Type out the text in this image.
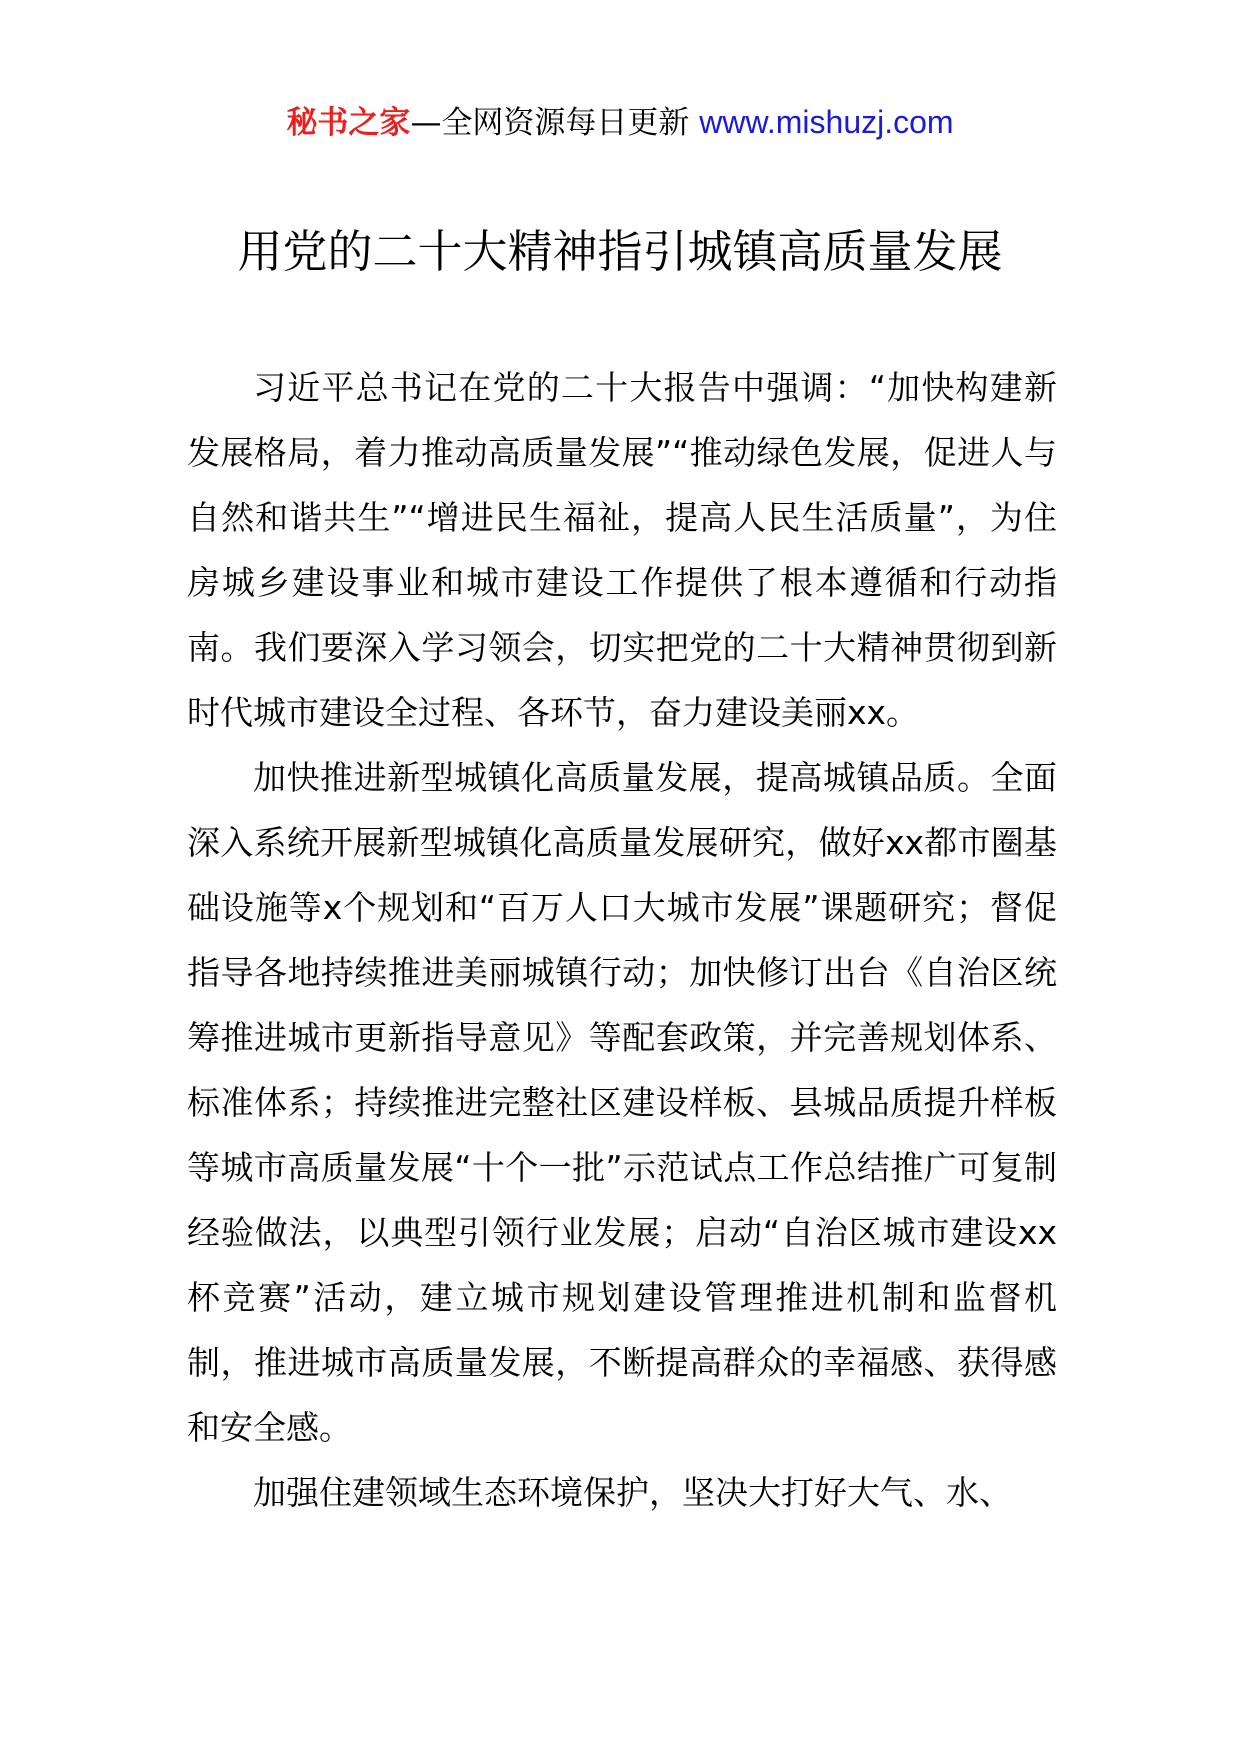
秘书之家—全网资源每日更新 www.mishuzj.com
用党的二十大精神指引城镇高质量发展

习近平总书记在党的二十大报告中强调：“加快构建新发展格局，着力推动高质量发展”“推动绿色发展，促进人与自然和谐共生”“增进民生福祉，提高人民生活质量”，为住房城乡建设事业和城市建设工作提供了根本遵循和行动指南。我们要深入学习领会，切实把党的二十大精神贯彻到新时代城市建设全过程、各环节，奋力建设美丽xx。

加快推进新型城镇化高质量发展，提高城镇品质。全面深入系统开展新型城镇化高质量发展研究，做好xx都市圈基础设施等x个规划和“百万人口大城市发展”课题研究；督促指导各地持续推进美丽城镇行动；加快修订出台《自治区统筹推进城市更新指导意见》等配套政策，并完善规划体系、标准体系；持续推进完整社区建设样板、县城品质提升样板等城市高质量发展“十个一批”示范试点工作总结推广可复制经验做法，以典型引领行业发展；启动“自治区城市建设xx杯竞赛”活动，建立城市规划建设管理推进机制和监督机制，推进城市高质量发展，不断提高群众的幸福感、获得感和安全感。

加强住建领域生态环境保护，坚决大打好大气、水、
